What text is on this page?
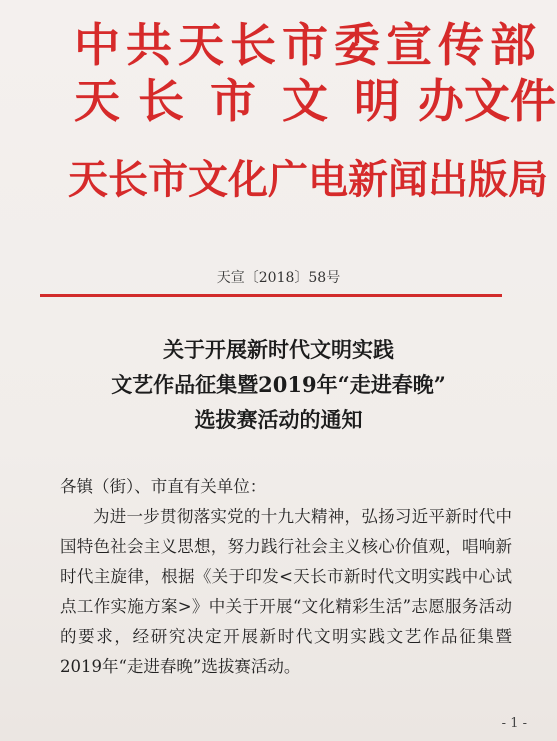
中共天长市委宣传部
天 长 市 文 明 办文件
天长市文化广电新闻出版局
天宣〔2018〕58号
关于开展新时代文明实践
文艺作品征集暨2019年“走进春晚”
选拔赛活动的通知

各镇（街）、市直有关单位：

为进一步贯彻落实党的十九大精神，弘扬习近平新时代中国特色社会主义思想，努力践行社会主义核心价值观，唱响新时代主旋律，根据《关于印发<天长市新时代文明实践中心试点工作实施方案>》中关于开展“文化精彩生活”志愿服务活动的要求，经研究决定开展新时代文明实践文艺作品征集暨2019年“走进春晚”选拔赛活动。

- 1 -
